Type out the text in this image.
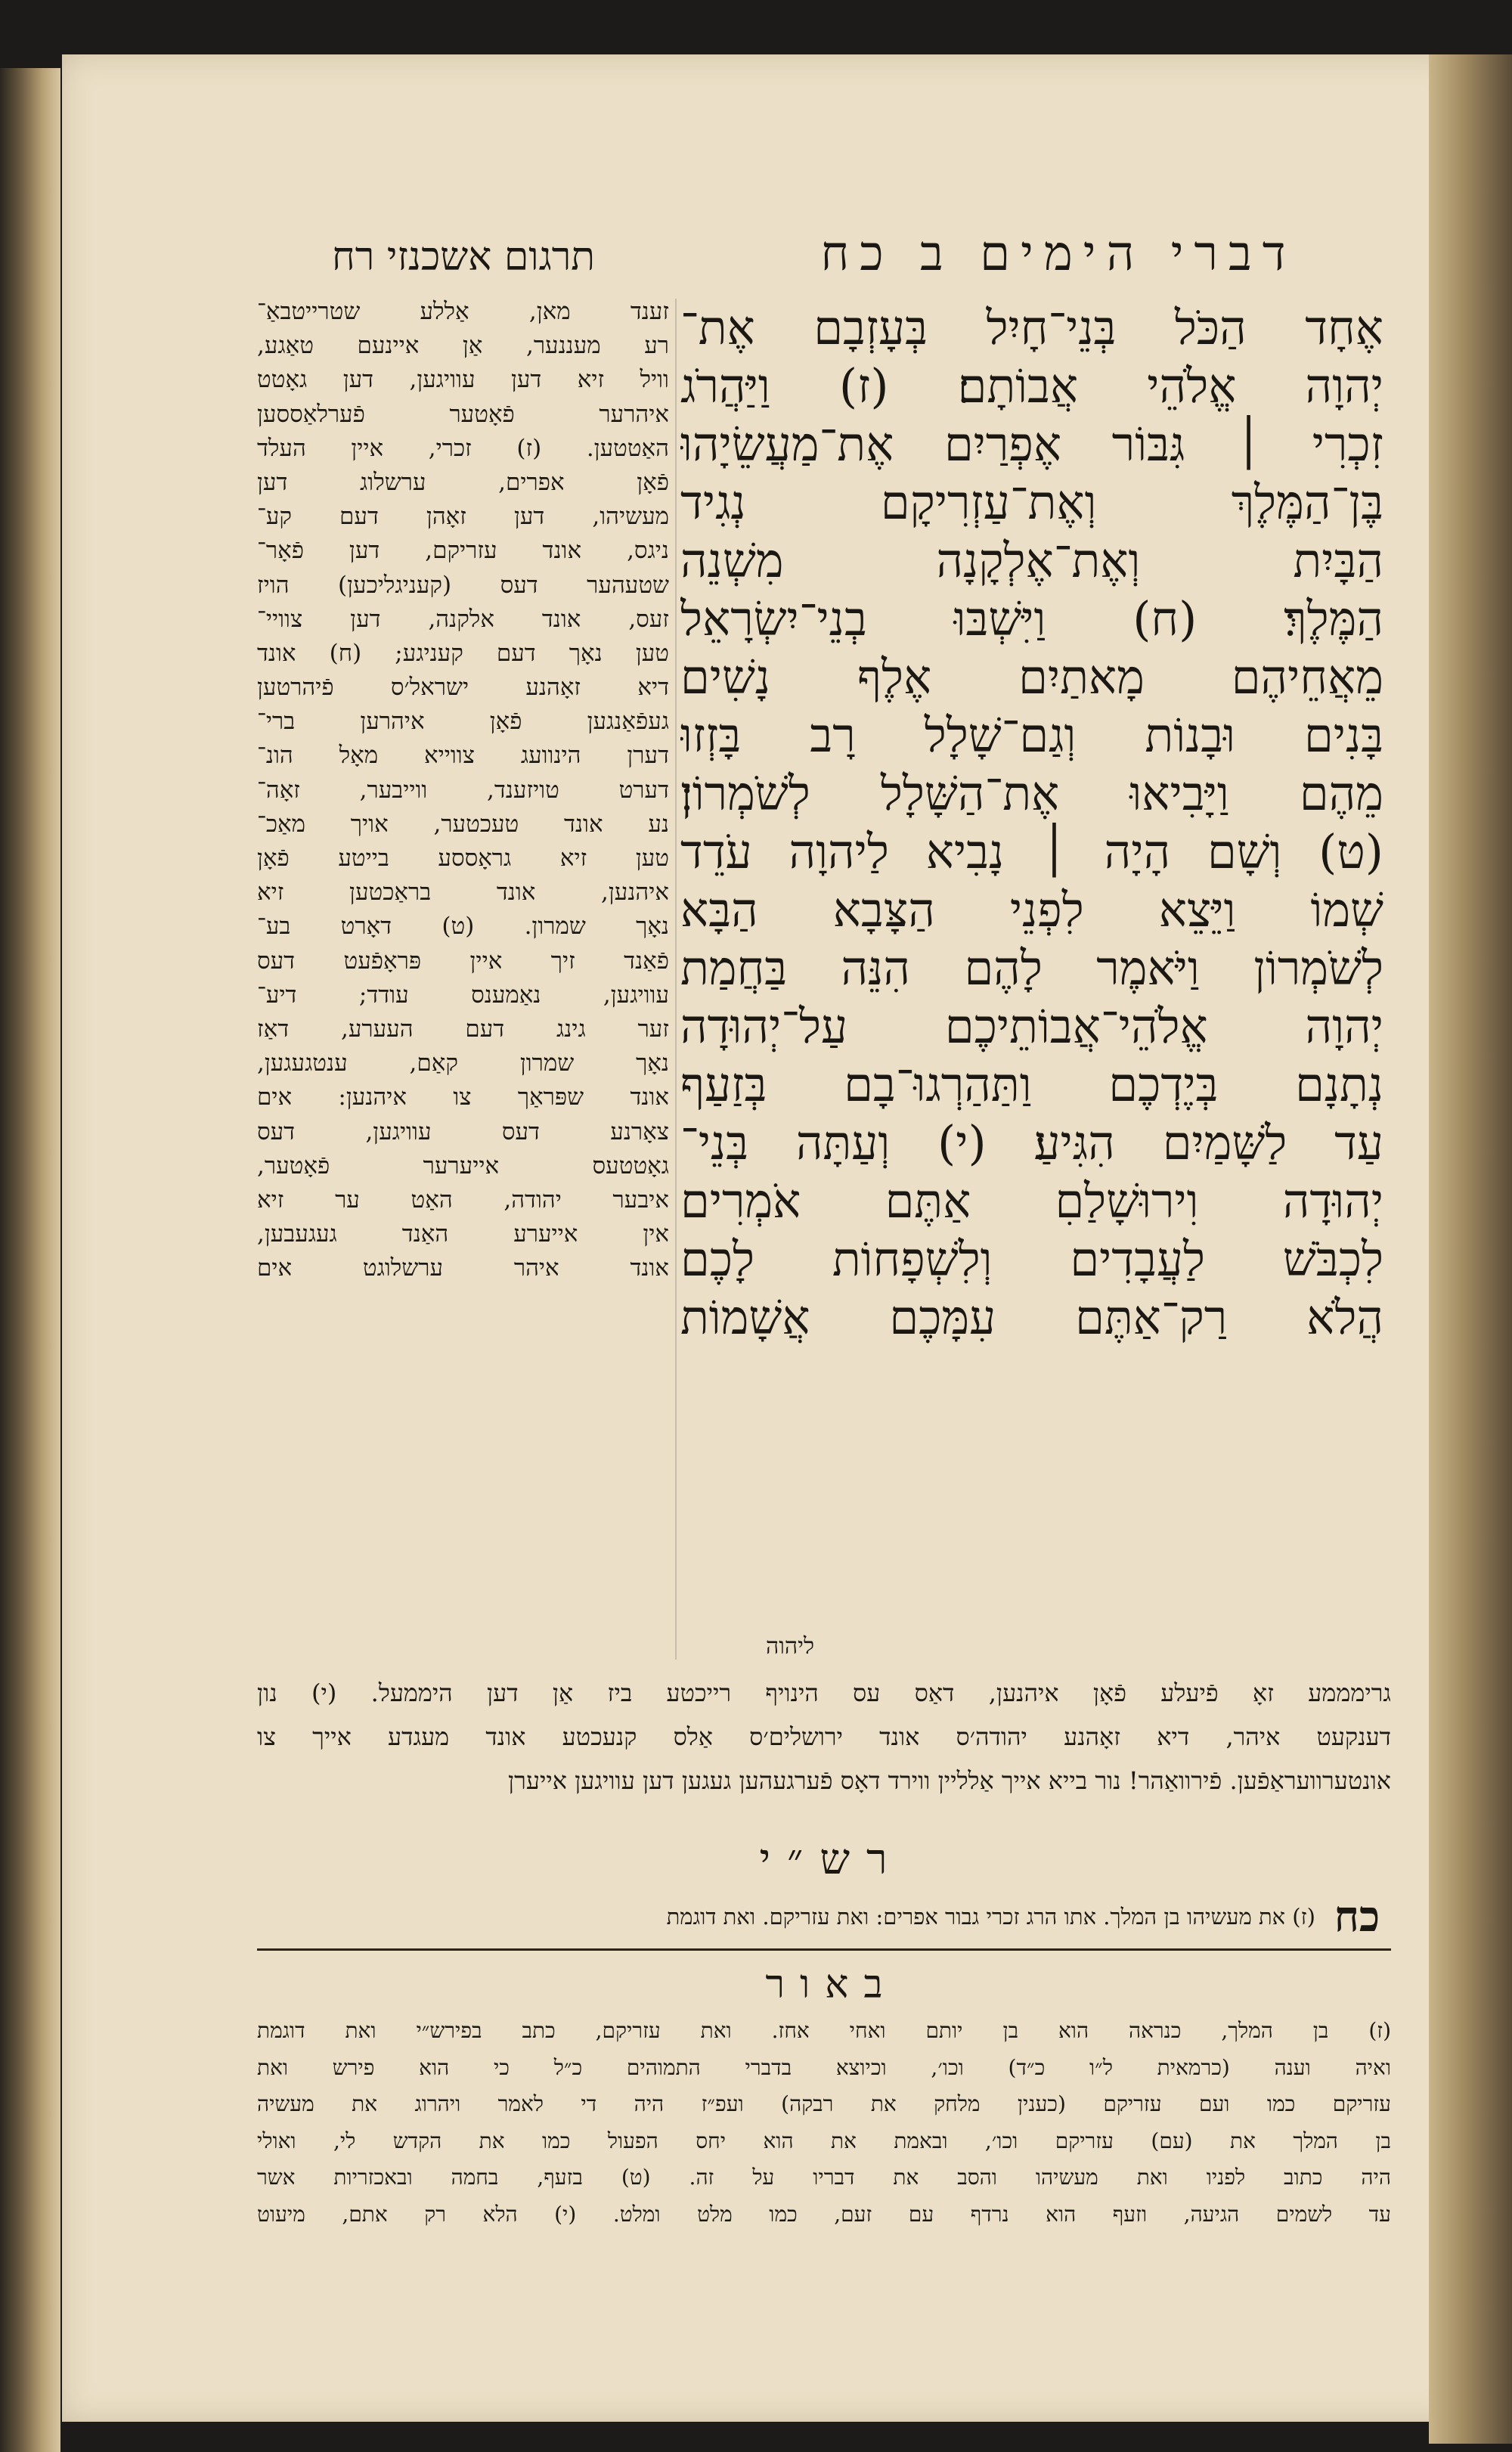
דברי הימים ב כח
תרגום אשכנזי רח
אֶחָד הַכֹּל בְּנֵי־חָיִל בְּעָזְבָם אֶת־
יְהוָה אֱלֹהֵי אֲבוֹתָם׃ (ז) וַיַּהֲרֹג
זִכְרִי ׀ גִּבּוֹר אֶפְרַיִם אֶת־מַעֲשֵׂיָהוּ
בֶּן־הַמֶּלֶךְ וְאֶת־עַזְרִיקָם נְגִיד
הַבָּיִת וְאֶת־אֶלְקָנָה מִשְׁנֵה
הַמֶּלֶךְ׃ (ח) וַיִּשְׁבּוּ בְנֵי־יִשְׂרָאֵל
מֵאֲחֵיהֶם מָאתַיִם אֶלֶף נָשִׁים
בָּנִים וּבָנוֹת וְגַם־שָׁלָל רָב בָּזְזוּ
מֵהֶם וַיָּבִיאוּ אֶת־הַשָּׁלָל לְשֹׁמְרוֹן׃
(ט) וְשָׁם הָיָה ׀ נָבִיא לַיהוָה עֹדֵד
שְׁמוֹ וַיֵּצֵא לִפְנֵי הַצָּבָא הַבָּא
לְשֹׁמְרוֹן וַיֹּאמֶר לָהֶם הִנֵּה בַּחֲמַת
יְהוָה אֱלֹהֵי־אֲבוֹתֵיכֶם עַל־יְהוּדָה
נְתָנָם בְּיֶדְכֶם וַתַּהַרְגוּ־בָם בְּזַעַף
עַד לַשָּׁמַיִם הִגִּיעַ׃ (י) וְעַתָּה בְּנֵי־
יְהוּדָה וִירוּשָׁלַםִ אַתֶּם אֹמְרִים
לִכְבֹּשׁ לַעֲבָדִים וְלִשְׁפָחוֹת לָכֶם
הֲלֹא רַק־אַתֶּם עִמָּכֶם אֲשָׁמוֹת
ליהוה
זענד מאן, אַללע שטרייטבאַ־
רע מעננער, אַן איינעם טאַגע,
וויל זיא דען עוויגען, דען גאָטט
איהרער פֿאָטער פֿערלאַססען
האַטטען. (ז) זכרי, איין העלד
פֿאָן אפרים, ערשלוג דען
מעשיהו, דען זאָהן דעם קע־
ניגס, אונד עזריקם, דען פֿאָר־
שטעהער דעס (קעניגליכען) הויז
זעס, אונד אלקנה, דען צוויי־
טען נאָך דעם קעניגע; (ח) אונד
דיא זאָהנע ישראל׳ס פֿיהרטען
געפֿאַנגען פֿאָן איהרען ברי־
דערן הינוועג צווייא מאָל הונ־
דערט טויזענד, ווייבער, זאָה־
נע אונד טעכטער, אויך מאַכ־
טען זיא גראָססע בייטע פֿאָן
איהנען, אונד בראַכטען זיא
נאָך שמרון. (ט) דאָרט בע־
פֿאַנד זיך איין פּראָפֿעט דעס
עוויגען, נאַמענס עודד; דיע־
זער גינג דעם העערע, דאַז
נאָך שמרון קאַם, ענטגעגען,
אונד שפּראַך צו איהנען: אים
צאָרנע דעס עוויגען, דעס
גאָטטעס אייערער פֿאָטער,
איבער יהודה, האַט ער זיא
אין אייערע האַנד געגעבען,
אונד איהר ערשלוגט אים
גרימממע זאָ פֿיעלע פֿאָן איהנען, דאַס עס הינויף רייכטע ביז אַן דען היממעל. (י) נון
דענקעט איהר, דיא זאָהנע יהודה׳ס אונד ירושלים׳ס אַלס קנעכטע אונד מעגדע אייך צו
אונטערוועראַפֿען. פֿירוואַהר! נור בייא אייך אַלליין ווירד דאָס פֿערגעהען געגען דען עוויגען אייערן
רש״י
כח
(ז) את מעשיהו בן המלך. אתו הרג זכרי גבור אפרים: ואת עזריקם. ואת דוגמת
באור
(ז) בן המלך, כנראה הוא בן יותם ואחי אחז. ואת עזריקם, כתב בפירש״י ואת דוגמת
ואיה וענה (כרמאית ל״ו כ״ד) וכו׳, וכיוצא בדברי התמוהים כ״ל כי הוא פירש ואת
עזריקם כמו ועם עזריקם (כענין מלחק את רבקה) ועפ״ז היה די לאמר ויהרוג את מעשיה
בן המלך את (עם) עזריקם וכו׳, ובאמת את הוא יחס הפעול כמו את הקדש לי, ואולי
היה כתוב לפניו ואת מעשיהו והסב את דבריו על זה. (ט) בזעף, בחמה ובאכזריות אשר
עד לשמים הגיעה, וזעף הוא נרדף עם זעם, כמו מלט ומלט. (י) הלא רק אתם, מיעוט
